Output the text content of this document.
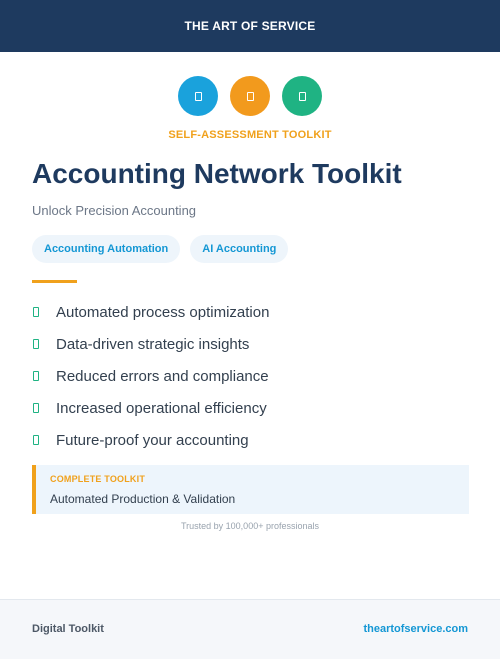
THE ART OF SERVICE
SELF-ASSESSMENT TOOLKIT
Accounting Network Toolkit
Unlock Precision Accounting
Accounting Automation	AI Accounting
Automated process optimization
Data-driven strategic insights
Reduced errors and compliance
Increased operational efficiency
Future-proof your accounting
COMPLETE TOOLKIT
Automated Production & Validation
Trusted by 100,000+ professionals
Digital Toolkit	theartofservice.com
